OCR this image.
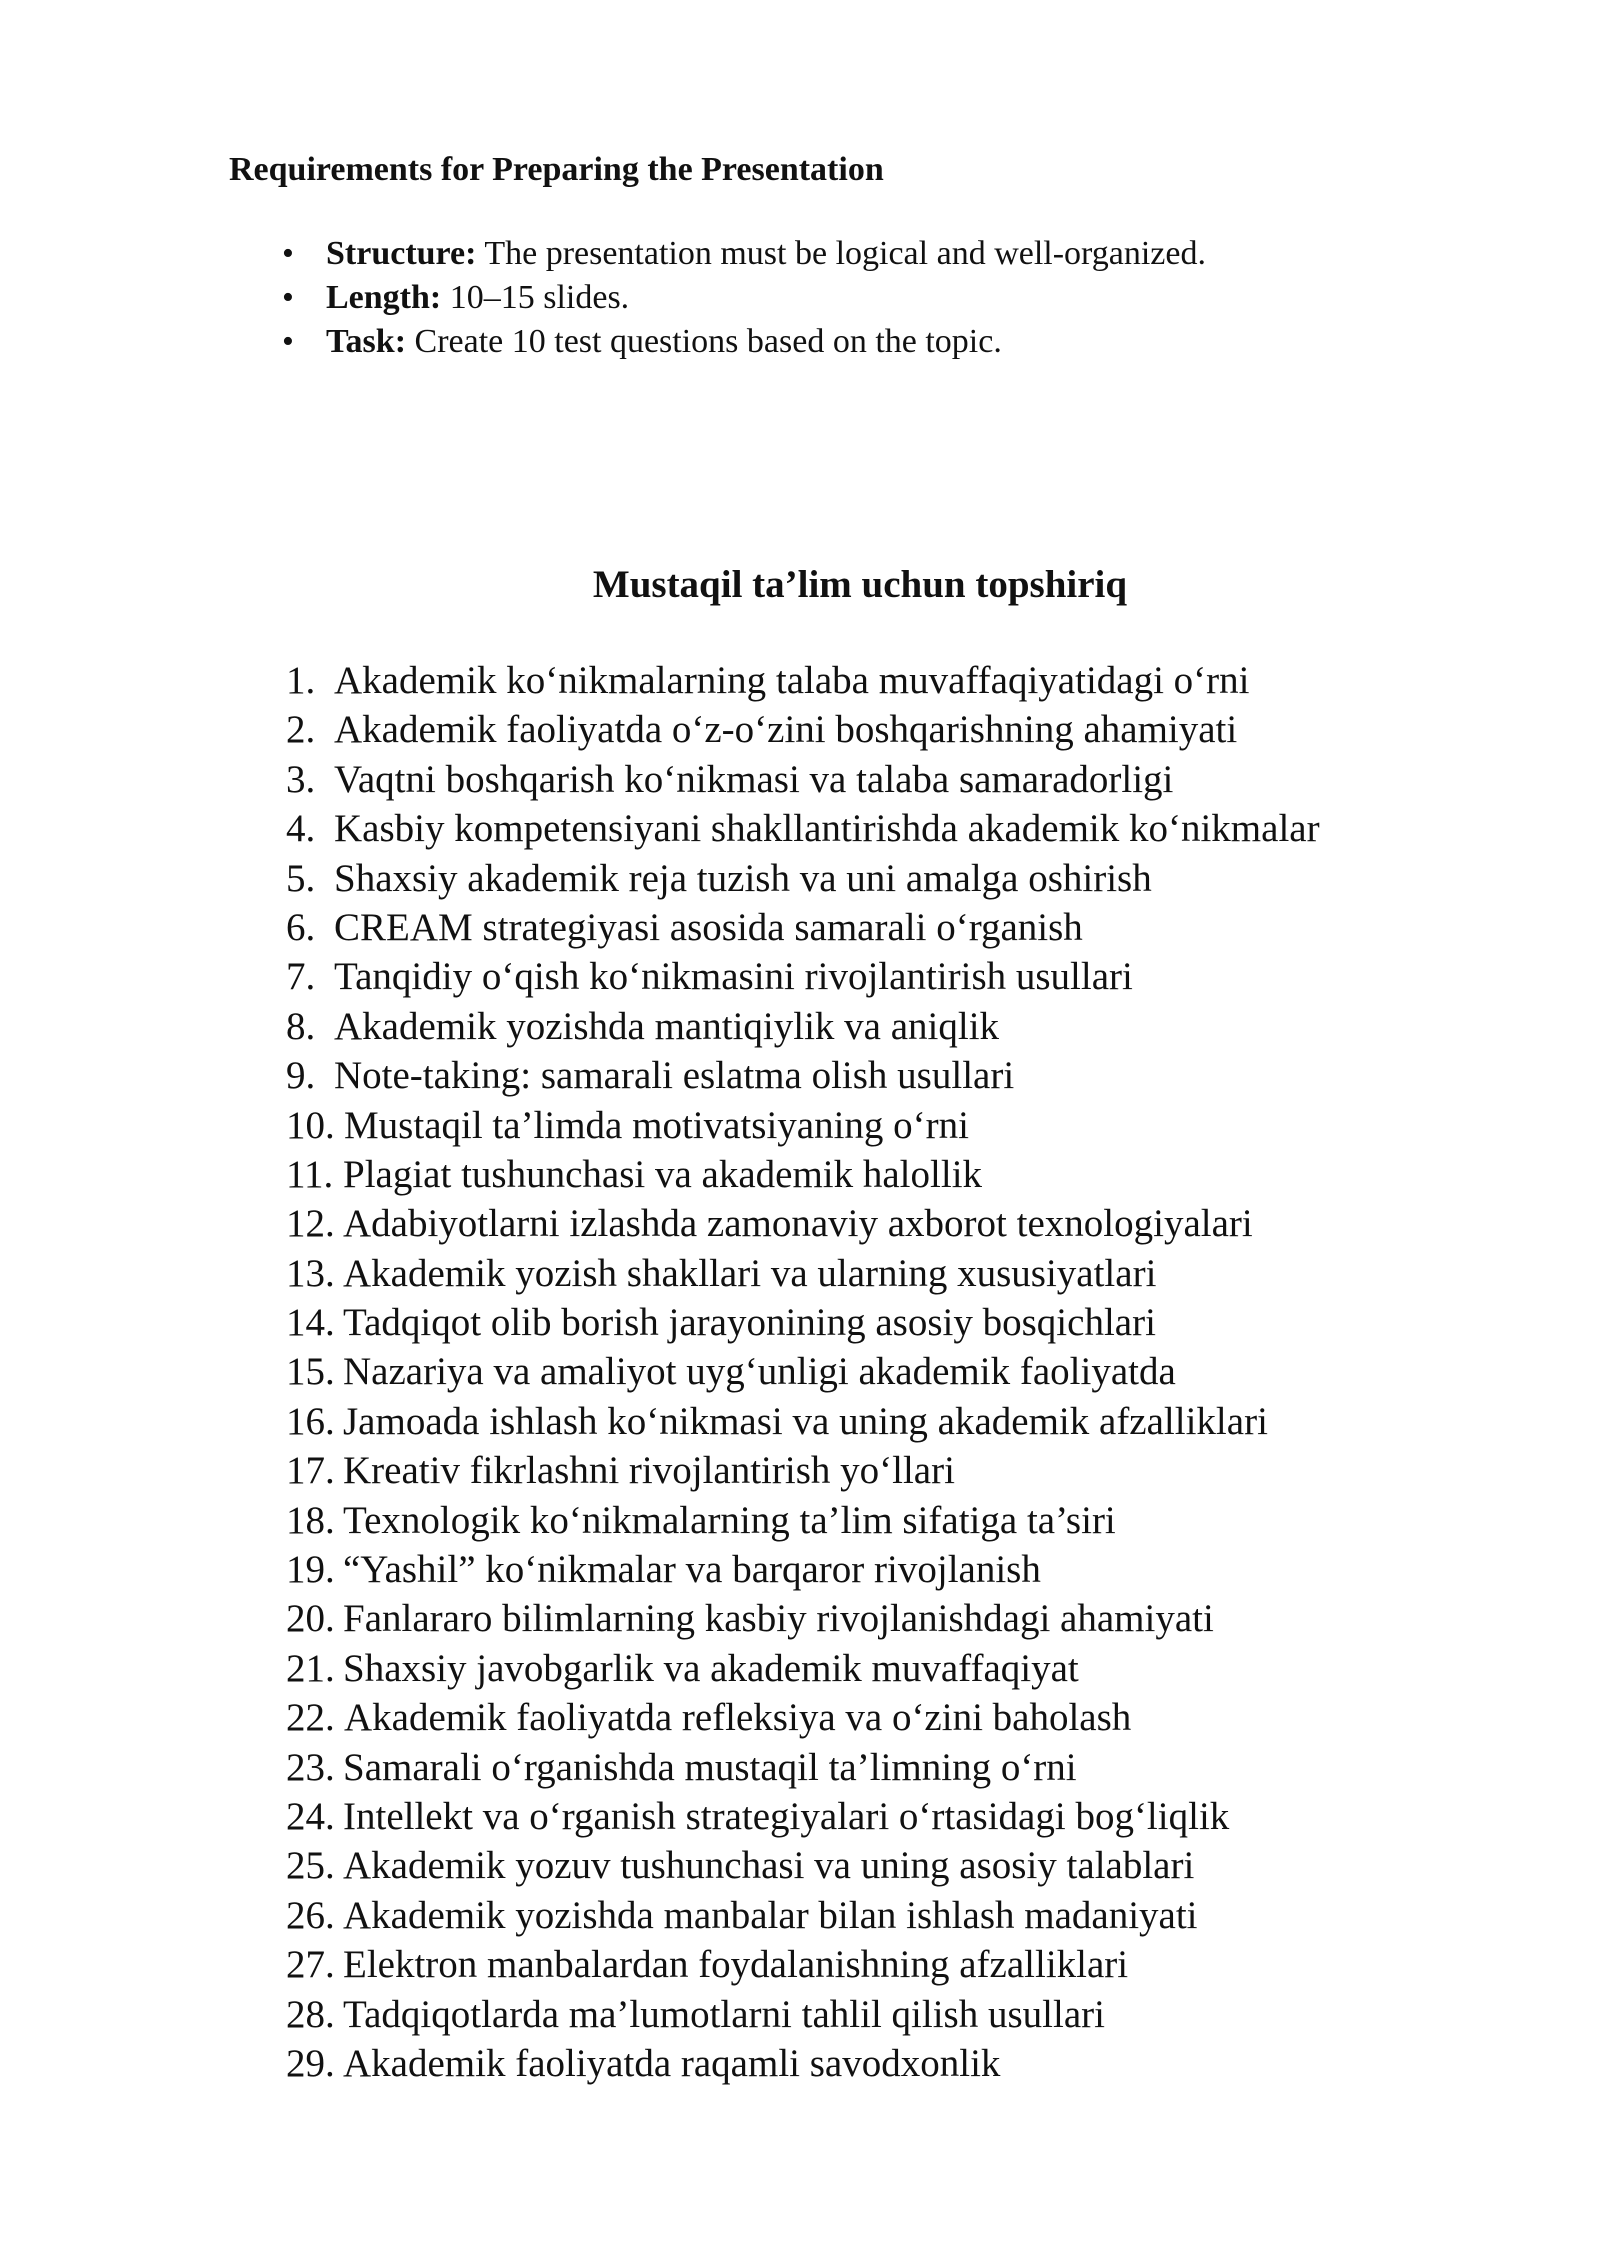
Requirements for Preparing the Presentation
• Structure: The presentation must be logical and well-organized.
• Length: 10–15 slides.
• Task: Create 10 test questions based on the topic.
Mustaqil ta’lim uchun topshiriq
1. Akademik ko‘nikmalarning talaba muvaffaqiyatidagi o‘rni
2. Akademik faoliyatda o‘z-o‘zini boshqarishning ahamiyati
3. Vaqtni boshqarish ko‘nikmasi va talaba samaradorligi
4. Kasbiy kompetensiyani shakllantirishda akademik ko‘nikmalar
5. Shaxsiy akademik reja tuzish va uni amalga oshirish
6. CREAM strategiyasi asosida samarali o‘rganish
7. Tanqidiy o‘qish ko‘nikmasini rivojlantirish usullari
8. Akademik yozishda mantiqiylik va aniqlik
9. Note-taking: samarali eslatma olish usullari
10. Mustaqil ta’limda motivatsiyaning o‘rni
11. Plagiat tushunchasi va akademik halollik
12. Adabiyotlarni izlashda zamonaviy axborot texnologiyalari
13. Akademik yozish shakllari va ularning xususiyatlari
14. Tadqiqot olib borish jarayonining asosiy bosqichlari
15. Nazariya va amaliyot uyg‘unligi akademik faoliyatda
16. Jamoada ishlash ko‘nikmasi va uning akademik afzalliklari
17. Kreativ fikrlashni rivojlantirish yo‘llari
18. Texnologik ko‘nikmalarning ta’lim sifatiga ta’siri
19. “Yashil” ko‘nikmalar va barqaror rivojlanish
20. Fanlararo bilimlarning kasbiy rivojlanishdagi ahamiyati
21. Shaxsiy javobgarlik va akademik muvaffaqiyat
22. Akademik faoliyatda refleksiya va o‘zini baholash
23. Samarali o‘rganishda mustaqil ta’limning o‘rni
24. Intellekt va o‘rganish strategiyalari o‘rtasidagi bog‘liqlik
25. Akademik yozuv tushunchasi va uning asosiy talablari
26. Akademik yozishda manbalar bilan ishlash madaniyati
27. Elektron manbalardan foydalanishning afzalliklari
28. Tadqiqotlarda ma’lumotlarni tahlil qilish usullari
29. Akademik faoliyatda raqamli savodxonlik
